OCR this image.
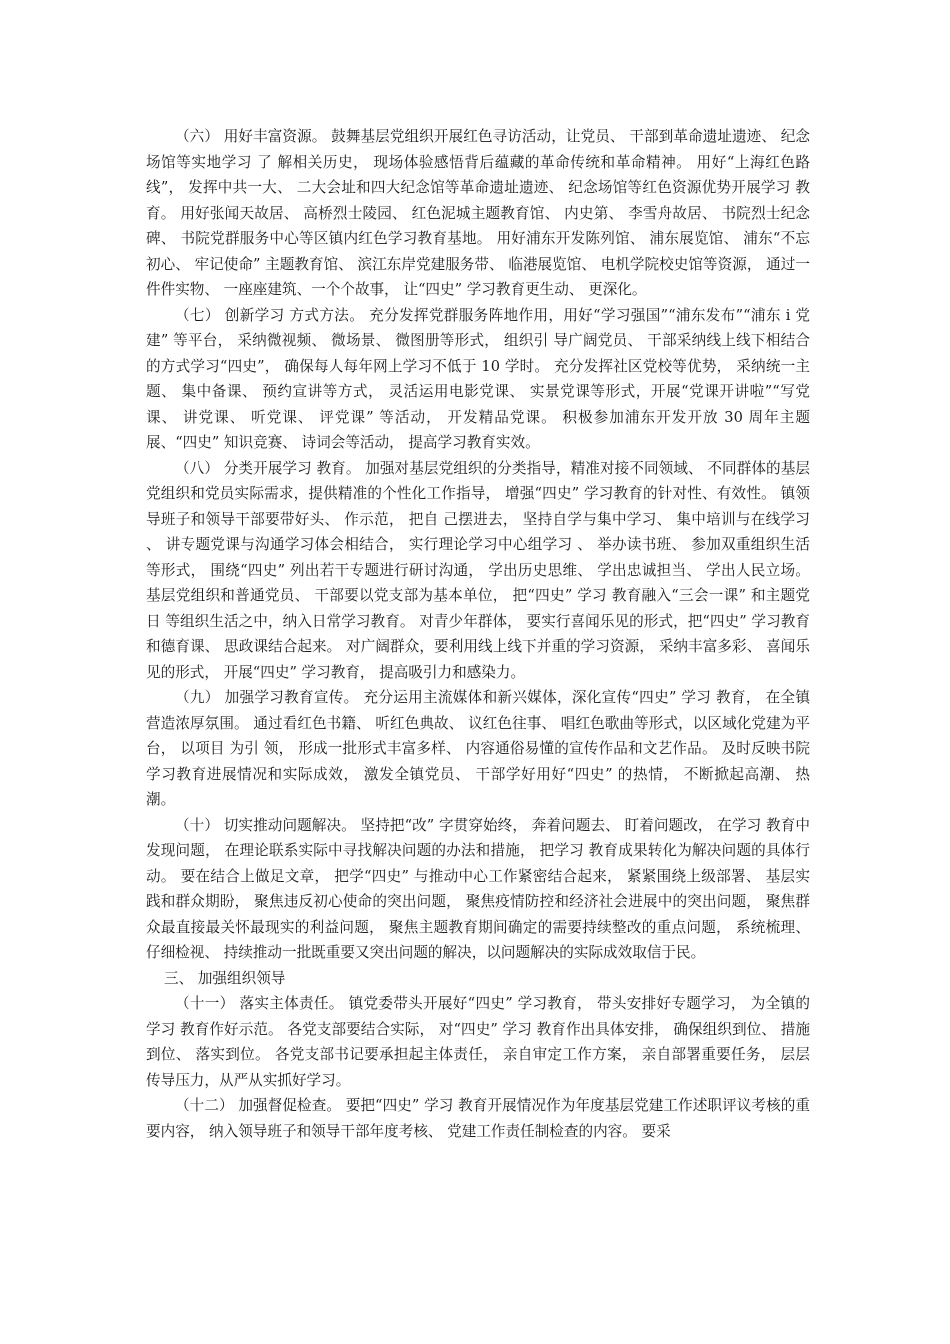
（六） 用好丰富资源。 鼓舞基层党组织开展红色寻访活动，让党员、 干部到革命遗址遗迹、 纪念场馆等实地学习 了 解相关历史， 现场体验感悟背后蕴藏的革命传统和革命精神。 用好“上海红色路线”， 发挥中共一大、 二大会址和四大纪念馆等革命遗址遗迹、 纪念场馆等红色资源优势开展学习 教育。 用好张闻天故居、 高桥烈士陵园、 红色泥城主题教育馆、 内史第、 李雪舟故居、 书院烈士纪念碑、 书院党群服务中心等区镇内红色学习教育基地。 用好浦东开发陈列馆、 浦东展览馆、 浦东“不忘初心、 牢记使命” 主题教育馆、 滨江东岸党建服务带、 临港展览馆、 电机学院校史馆等资源， 通过一件件实物、 一座座建筑、一个个故事， 让“四史” 学习教育更生动、 更深化。

（七） 创新学习 方式方法。 充分发挥党群服务阵地作用，用好“学习强国”“浦东发布”“浦东 i 党建” 等平台， 采纳微视频、 微场景、 微图册等形式， 组织引 导广阔党员、 干部采纳线上线下相结合的方式学习“四史”， 确保每人每年网上学习不低于 10 学时。 充分发挥社区党校等优势， 采纳统一主题、 集中备课、 预约宣讲等方式， 灵活运用电影党课、 实景党课等形式，开展“党课开讲啦”“写党课、 讲党课、 听党课、 评党课” 等活动， 开发精品党课。 积极参加浦东开发开放 30 周年主题展、“四史” 知识竞赛、 诗词会等活动， 提高学习教育实效。

（八） 分类开展学习 教育。 加强对基层党组织的分类指导，精准对接不同领域、 不同群体的基层党组织和党员实际需求，提供精准的个性化工作指导， 增强“四史” 学习教育的针对性、有效性。 镇领导班子和领导干部要带好头、 作示范， 把自 己摆进去， 坚持自学与集中学习、 集中培训与在线学习 、 讲专题党课与沟通学习体会相结合， 实行理论学习中心组学习 、 举办读书班、 参加双重组织生活等形式， 围绕“四史” 列出若干专题进行研讨沟通， 学出历史思维、 学出忠诚担当、 学出人民立场。基层党组织和普通党员、 干部要以党支部为基本单位， 把“四史” 学习 教育融入“三会一课” 和主题党日 等组织生活之中，纳入日常学习教育。 对青少年群体， 要实行喜闻乐见的形式，把“四史” 学习教育和德育课、 思政课结合起来。 对广阔群众，要利用线上线下并重的学习资源， 采纳丰富多彩、 喜闻乐见的形式， 开展“四史” 学习教育， 提高吸引力和感染力。

（九） 加强学习教育宣传。 充分运用主流媒体和新兴媒体，深化宣传“四史” 学习 教育， 在全镇营造浓厚氛围。 通过看红色书籍、 听红色典故、 议红色往事、 唱红色歌曲等形式，以区域化党建为平台， 以项目 为引 领， 形成一批形式丰富多样、 内容通俗易懂的宣传作品和文艺作品。 及时反映书院学习教育进展情况和实际成效， 激发全镇党员、 干部学好用好“四史” 的热情， 不断掀起高潮、 热潮。

（十） 切实推动问题解决。 坚持把“改” 字贯穿始终， 奔着问题去、 盯着问题改， 在学习 教育中发现问题， 在理论联系实际中寻找解决问题的办法和措施， 把学习 教育成果转化为解决问题的具体行动。 要在结合上做足文章， 把学“四史” 与推动中心工作紧密结合起来， 紧紧围绕上级部署、 基层实践和群众期盼， 聚焦违反初心使命的突出问题， 聚焦疫情防控和经济社会进展中的突出问题， 聚焦群众最直接最关怀最现实的利益问题， 聚焦主题教育期间确定的需要持续整改的重点问题， 系统梳理、 仔细检视、 持续推动一批既重要又突出问题的解决，以问题解决的实际成效取信于民。

三、 加强组织领导

（十一） 落实主体责任。 镇党委带头开展好“四史” 学习教育， 带头安排好专题学习， 为全镇的学习 教育作好示范。 各党支部要结合实际， 对“四史” 学习 教育作出具体安排， 确保组织到位、 措施到位、 落实到位。 各党支部书记要承担起主体责任， 亲自审定工作方案， 亲自部署重要任务， 层层传导压力，从严从实抓好学习。

（十二） 加强督促检查。 要把“四史” 学习 教育开展情况作为年度基层党建工作述职评议考核的重要内容， 纳入领导班子和领导干部年度考核、 党建工作责任制检查的内容。 要采
